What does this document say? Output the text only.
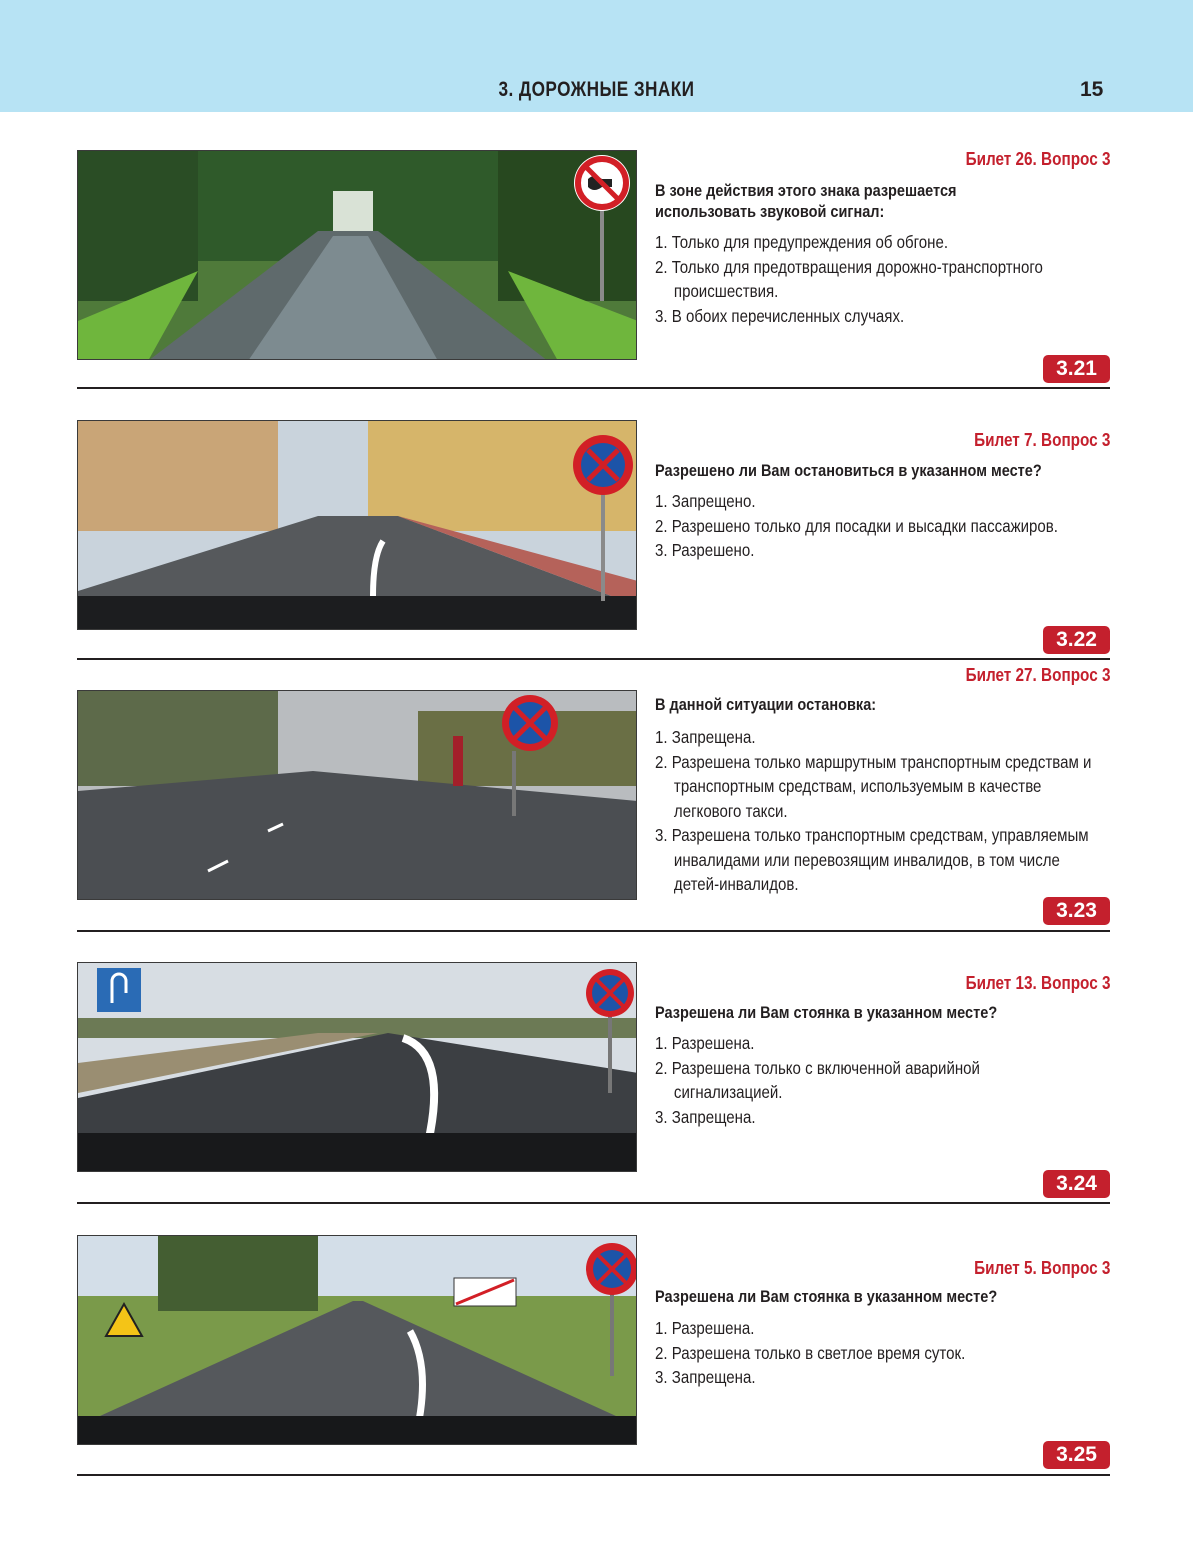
3. ДОРОЖНЫЕ ЗНАКИ	15
Билет 26. Вопрос 3
В зоне действия этого знака разрешается использовать звуковой сигнал:
1. Только для предупреждения об обгоне.
2. Только для предотвращения дорожно-транспортного происшествия.
3. В обоих перечисленных случаях.
3.21
Билет 7. Вопрос 3
Разрешено ли Вам остановиться в указанном месте?
1. Запрещено.
2. Разрешено только для посадки и высадки пассажиров.
3. Разрешено.
3.22
Билет 27. Вопрос 3
В данной ситуации остановка:
1. Запрещена.
2. Разрешена только маршрутным транспортным средствам и транспортным средствам, используемым в качестве легкового такси.
3. Разрешена только транспортным средствам, управляемым инвалидами или перевозящим инвалидов, в том числе детей-инвалидов.
3.23
Билет 13. Вопрос 3
Разрешена ли Вам стоянка в указанном месте?
1. Разрешена.
2. Разрешена только с включенной аварийной сигнализацией.
3. Запрещена.
3.24
Билет 5. Вопрос 3
Разрешена ли Вам стоянка в указанном месте?
1. Разрешена.
2. Разрешена только в светлое время суток.
3. Запрещена.
3.25
